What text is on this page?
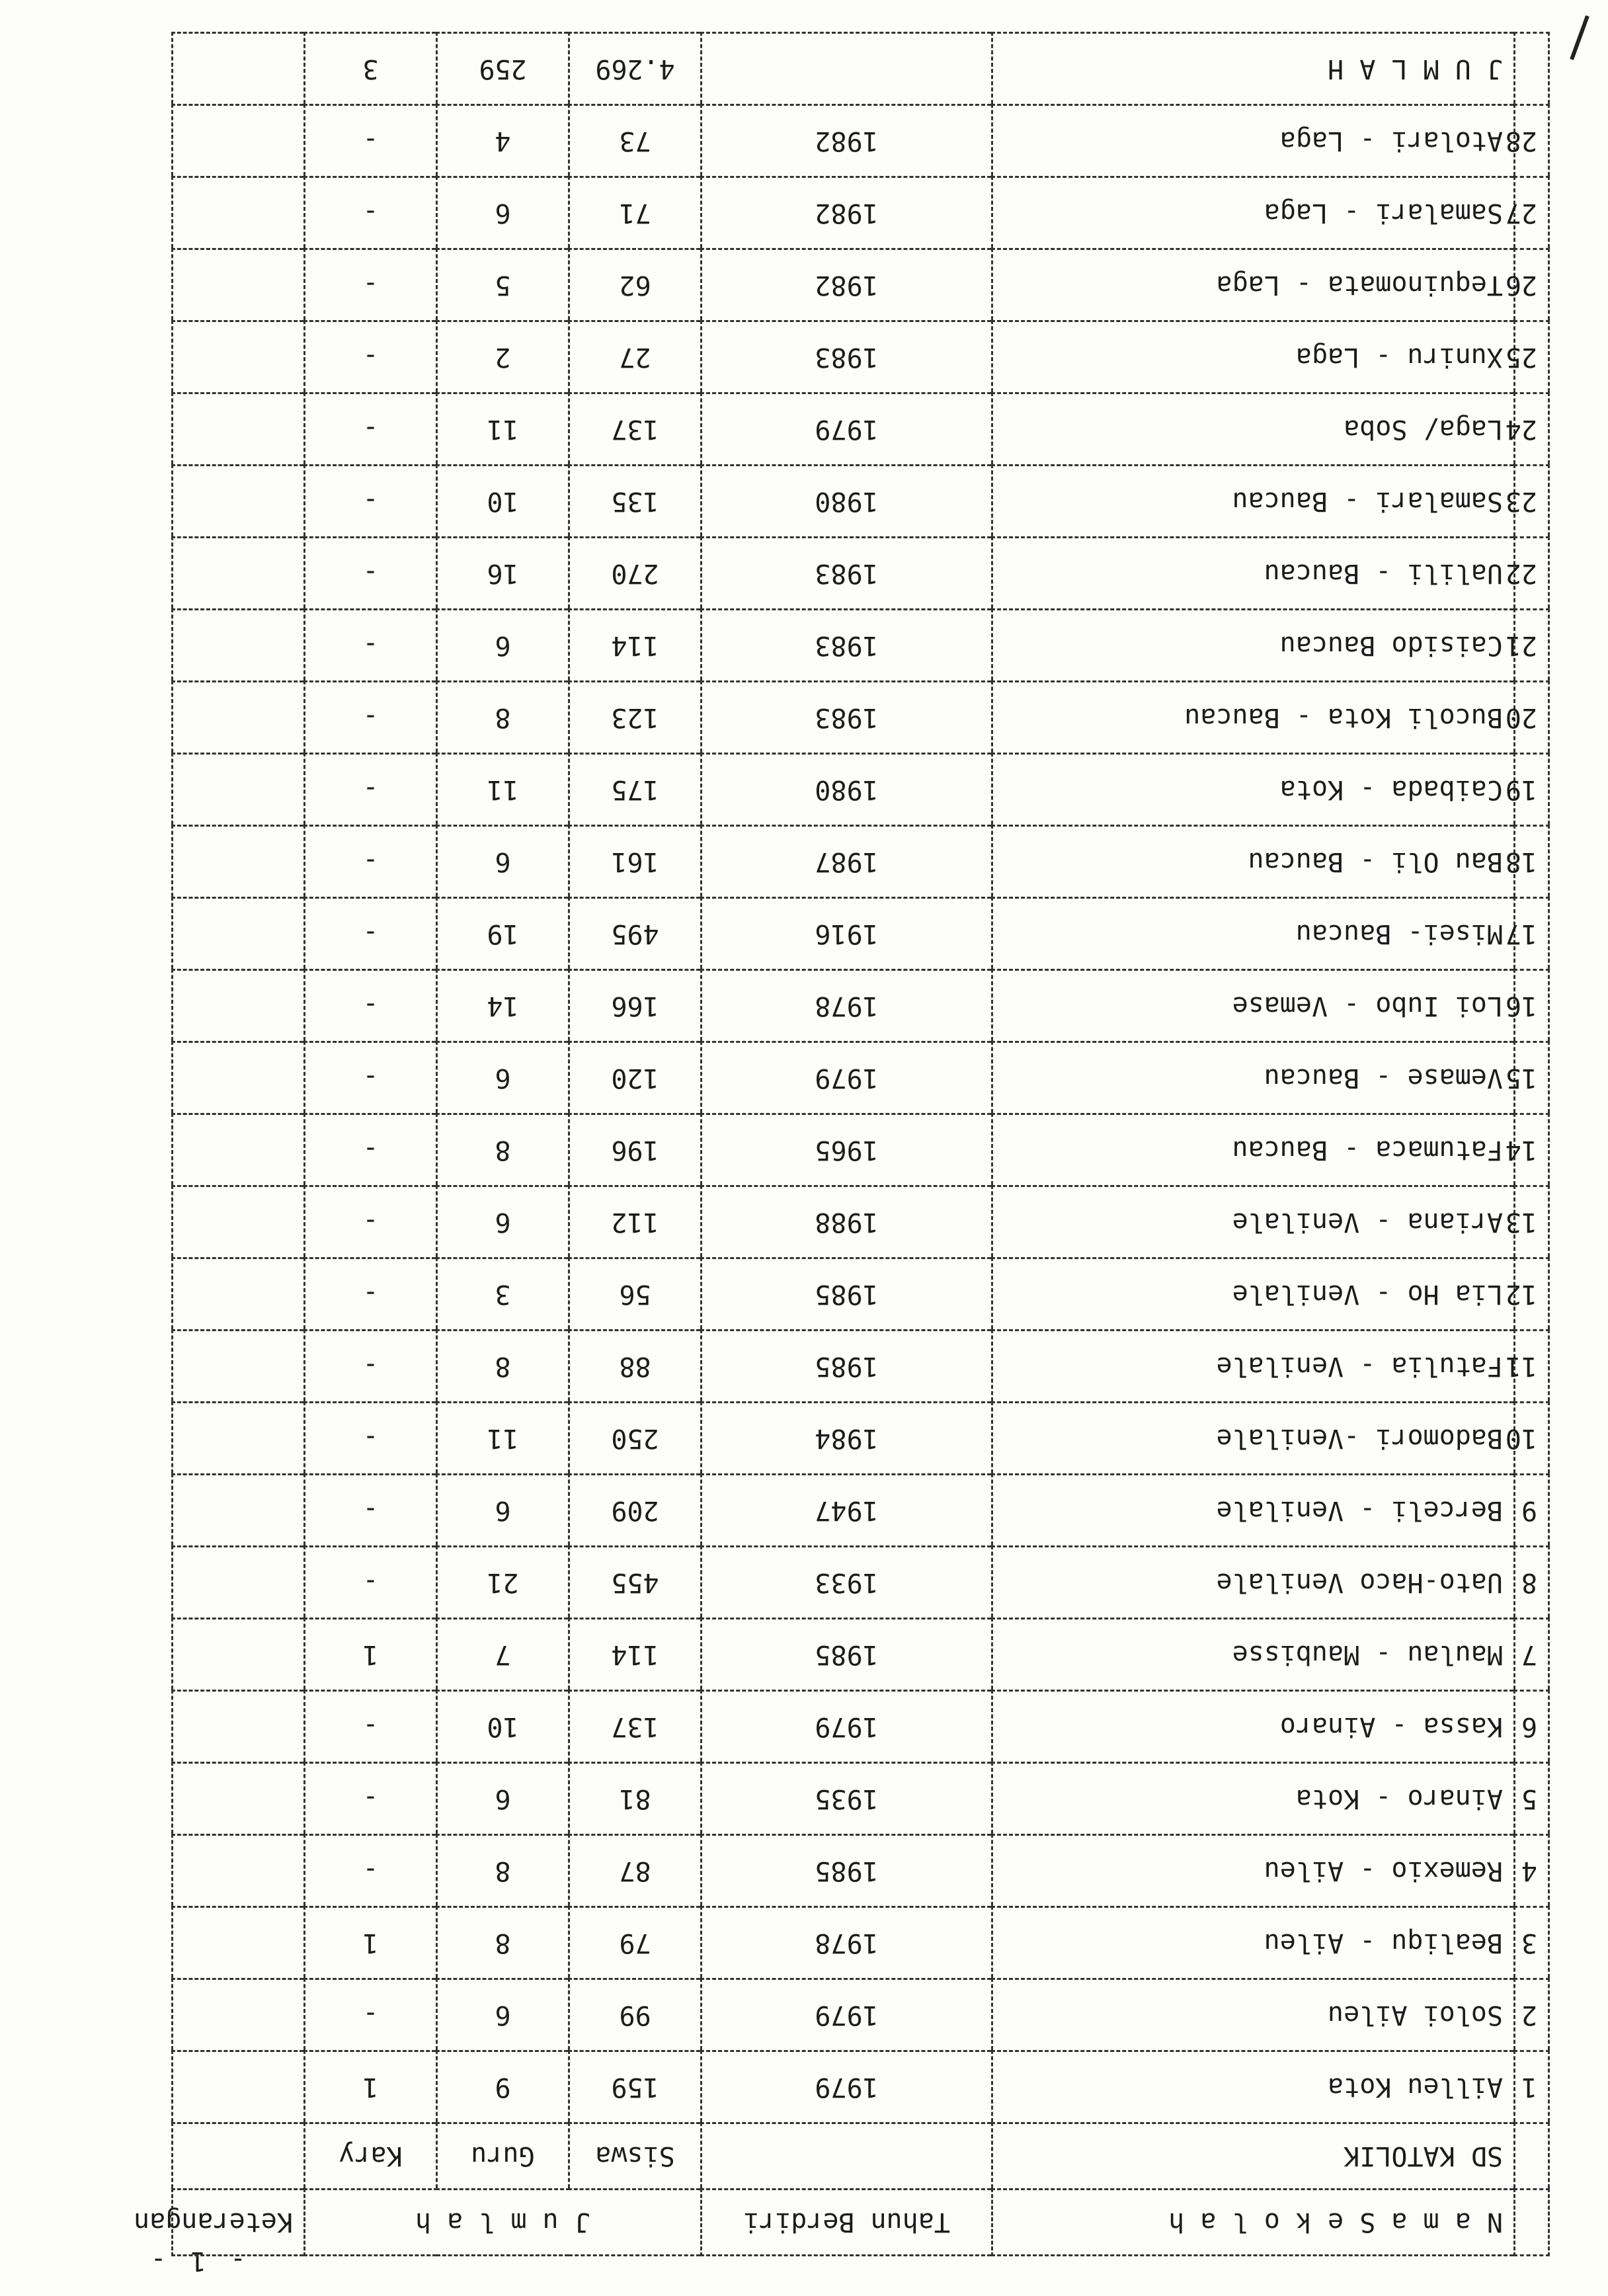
- 1 -
	N a m a S e k o l a h	Tahun Berdiri	J u m l a h			Keterangan
	SD KATOLIK		Siswa	Guru	Kary	
1	Ailleu Kota	1979	159	9	1	
2	Soloi Aileu	1979	99	6	-	
3	Bealiqu - Aileu	1978	79	8	1	
4	Remexio - Aileu	1985	87	8	-	
5	Ainaro - Kota	1935	81	6	-	
6	Kassa - Ainaro	1979	137	10	-	
7	Maulau - Maubisse	1985	114	7	1	
8	Uato-Haco Venilale	1933	455	21	-	
9	Berceli - Venilale	1947	209	6	-	
10	Badomori -Venilale	1984	250	11	-	
11	Fatulia - Venilale	1985	88	8	-	
12	Lia Ho - Venilale	1985	56	3	-	
13	Ariana - Venilale	1988	112	6	-	
14	Fatumaca - Baucau	1965	196	8	-	
15	Vemase - Baucau	1979	120	6	-	
16	Loi Iubo - Vemase	1978	166	14	-	
17	Misei- Baucau	1916	495	19	-	
18	Bau Oli - Baucau	1987	161	6	-	
19	Caibada - Kota	1980	175	11	-	
20	Bucoli Kota - Baucau	1983	123	8	-	
21	Caisido Baucau	1983	114	6	-	
22	Ualili - Baucau	1983	270	16	-	
23	Samalari - Baucau	1980	135	10	-	
24	Laga/ Soba	1979	137	11	-	
25	Xuniru - Laga	1983	27	2	-	
26	Tequinomata - Laga	1982	62	5	-	
27	Samalari - Laga	1982	71	6	-	
28	Atolari - Laga	1982	73	4	-	
	J U M L A H		4.269	259	3	
